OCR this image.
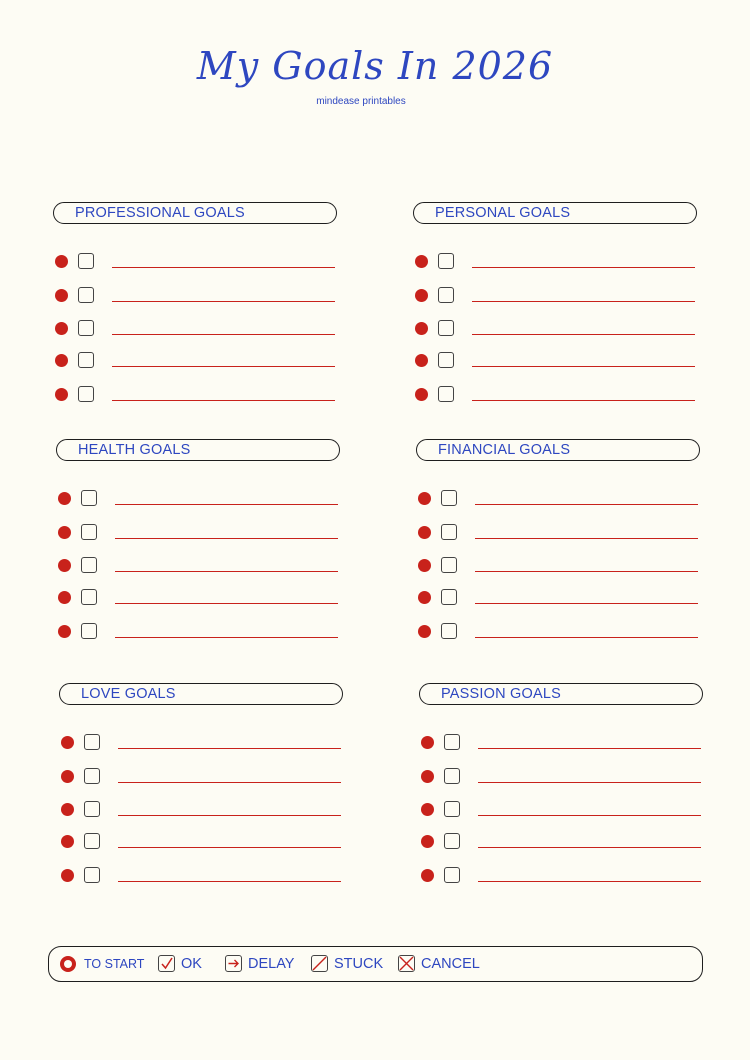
My Goals In 2026
mindease printables
PROFESSIONAL GOALS	PERSONAL GOALS
HEALTH GOALS	FINANCIAL GOALS
LOVE GOALS	PASSION GOALS
TO START	OK	DELAY	STUCK	CANCEL
